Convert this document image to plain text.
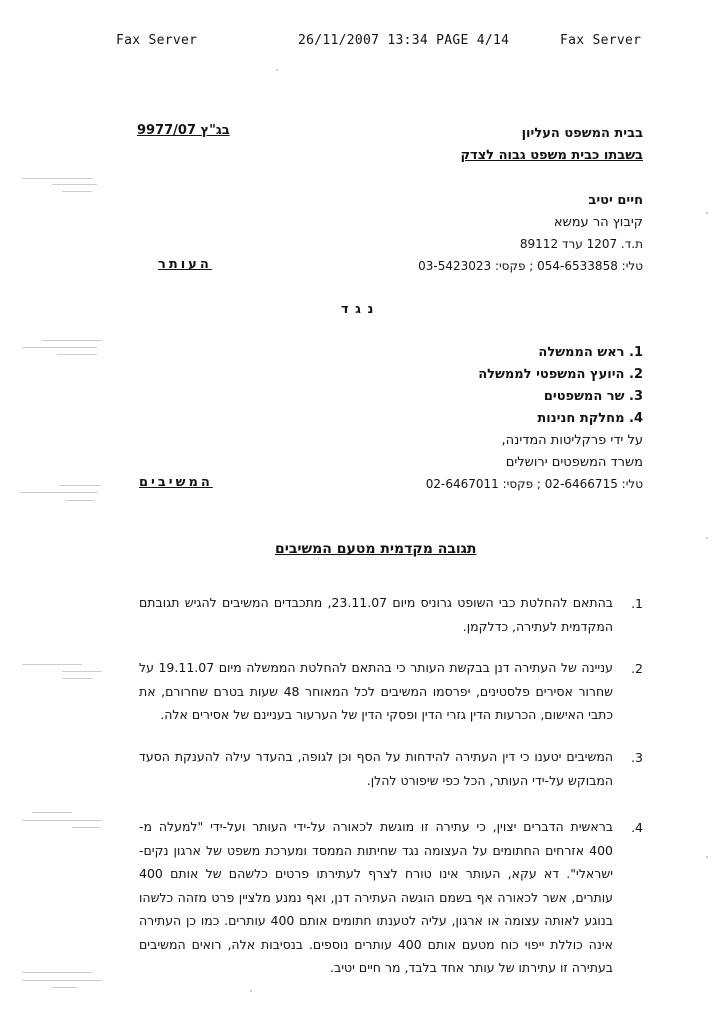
Fax Server	26/11/2007 13:34 PAGE 4/14	Fax Server
בבית המשפט העליון
בשבתו כבית משפט גבוה לצדק
בג"ץ 9977/07
חיים יטיב
קיבוץ הר עמשא
ת.ד. 1207 ערד 89112
טלי: 054-6533858 ; פקסי: 03-5423023
העותר
נ ג ד
1. ראש הממשלה
2. היועץ המשפטי לממשלה
3. שר המשפטים
4. מחלקת חנינות
על ידי פרקליטות המדינה,
משרד המשפטים ירושלים
טלי: 02-6466715 ; פקסי: 02-6467011
המשיבים
תגובה מקדמית מטעם המשיבים
.1
בהתאם להחלטת כבי השופט גרוניס מיום 23.11.07, מתכבדים המשיבים להגיש תגובתם
המקדמית לעתירה, כדלקמן.
.2
עניינה של העתירה דנן בבקשת העותר כי בהתאם להחלטת הממשלה מיום 19.11.07 על
שחרור אסירים פלסטינים, יפרסמו המשיבים לכל המאוחר 48 שעות בטרם שחרורם, את
כתבי האישום, הכרעות הדין גזרי הדין ופסקי הדין של הערעור בעניינם של אסירים אלה.
.3
המשיבים יטענו כי דין העתירה להידחות על הסף וכן לגופה, בהעדר עילה להענקת הסעד
המבוקש על-ידי העותר, הכל כפי שיפורט להלן.
.4
בראשית הדברים יצוין, כי עתירה זו מוגשת לכאורה על-ידי העותר ועל-ידי "למעלה מ-
400 אזרחים החתומים על העצומה נגד שחיתות הממסד ומערכת משפט של ארגון נקים-
ישראלי". דא עקא, העותר אינו טורח לצרף לעתירתו פרטים כלשהם של אותם 400
עותרים, אשר לכאורה אף בשמם הוגשה העתירה דנן, ואף נמנע מלציין פרט מזהה כלשהו
בנוגע לאותה עצומה או ארגון, עליה לטענתו חתומים אותם 400 עותרים. כמו כן העתירה
אינה כוללת ייפוי כוח מטעם אותם 400 עותרים נוספים. בנסיבות אלה, רואים המשיבים
בעתירה זו עתירתו של עותר אחד בלבד, מר חיים יטיב.
